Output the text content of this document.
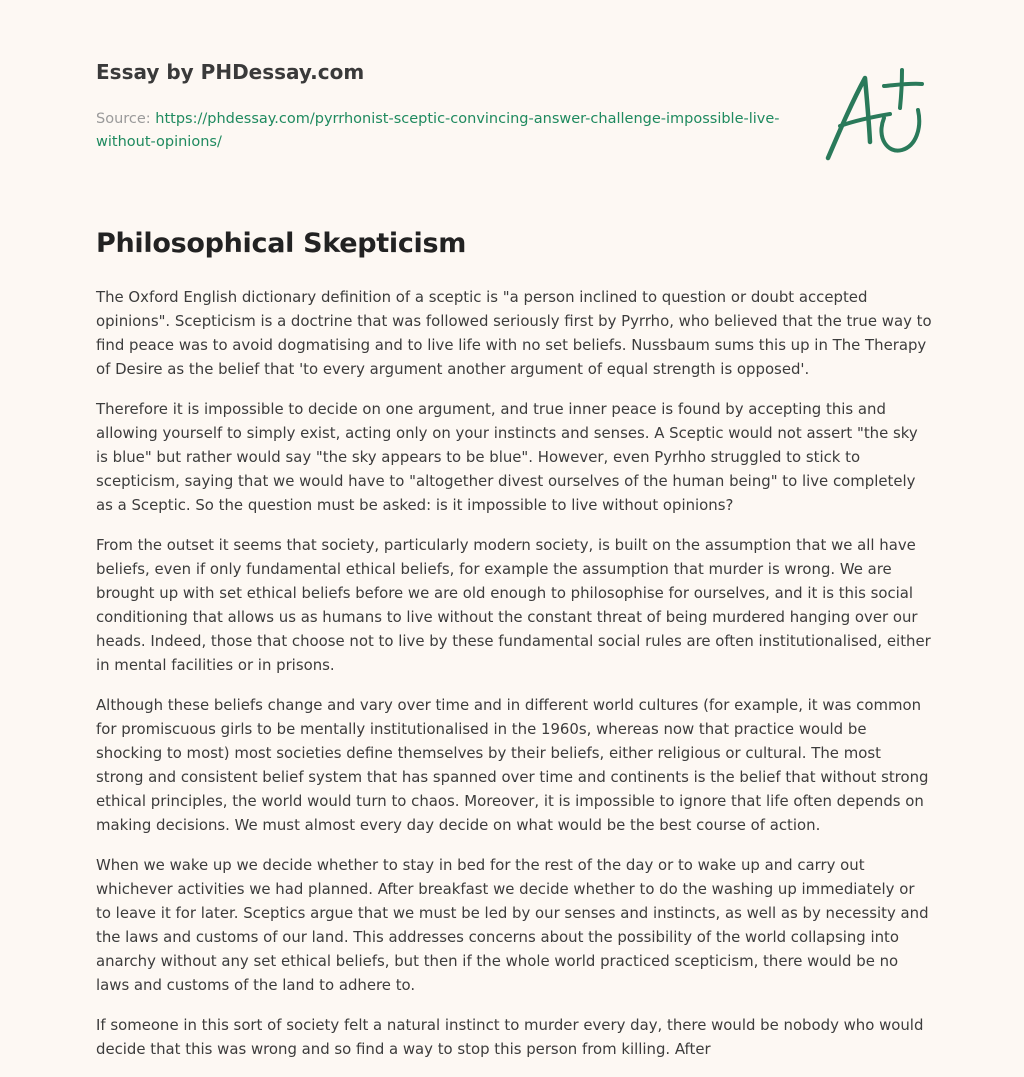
Essay by PHDessay.com

Source: https://phdessay.com/pyrrhonist-sceptic-convincing-answer-challenge-impossible-live-without-opinions/
Philosophical Skepticism

The Oxford English dictionary definition of a sceptic is "a person inclined to question or doubt accepted opinions". Scepticism is a doctrine that was followed seriously first by Pyrrho, who believed that the true way to find peace was to avoid dogmatising and to live life with no set beliefs. Nussbaum sums this up in The Therapy of Desire as the belief that 'to every argument another argument of equal strength is opposed'.

Therefore it is impossible to decide on one argument, and true inner peace is found by accepting this and allowing yourself to simply exist, acting only on your instincts and senses. A Sceptic would not assert "the sky is blue" but rather would say "the sky appears to be blue". However, even Pyrhho struggled to stick to scepticism, saying that we would have to "altogether divest ourselves of the human being" to live completely as a Sceptic. So the question must be asked: is it impossible to live without opinions?

From the outset it seems that society, particularly modern society, is built on the assumption that we all have beliefs, even if only fundamental ethical beliefs, for example the assumption that murder is wrong. We are brought up with set ethical beliefs before we are old enough to philosophise for ourselves, and it is this social conditioning that allows us as humans to live without the constant threat of being murdered hanging over our heads. Indeed, those that choose not to live by these fundamental social rules are often institutionalised, either in mental facilities or in prisons.

Although these beliefs change and vary over time and in different world cultures (for example, it was common for promiscuous girls to be mentally institutionalised in the 1960s, whereas now that practice would be shocking to most) most societies define themselves by their beliefs, either religious or cultural. The most strong and consistent belief system that has spanned over time and continents is the belief that without strong ethical principles, the world would turn to chaos. Moreover, it is impossible to ignore that life often depends on making decisions. We must almost every day decide on what would be the best course of action.

When we wake up we decide whether to stay in bed for the rest of the day or to wake up and carry out whichever activities we had planned. After breakfast we decide whether to do the washing up immediately or to leave it for later. Sceptics argue that we must be led by our senses and instincts, as well as by necessity and the laws and customs of our land. This addresses concerns about the possibility of the world collapsing into anarchy without any set ethical beliefs, but then if the whole world practiced scepticism, there would be no laws and customs of the land to adhere to.

If someone in this sort of society felt a natural instinct to murder every day, there would be nobody who would decide that this was wrong and so find a way to stop this person from killing. After
